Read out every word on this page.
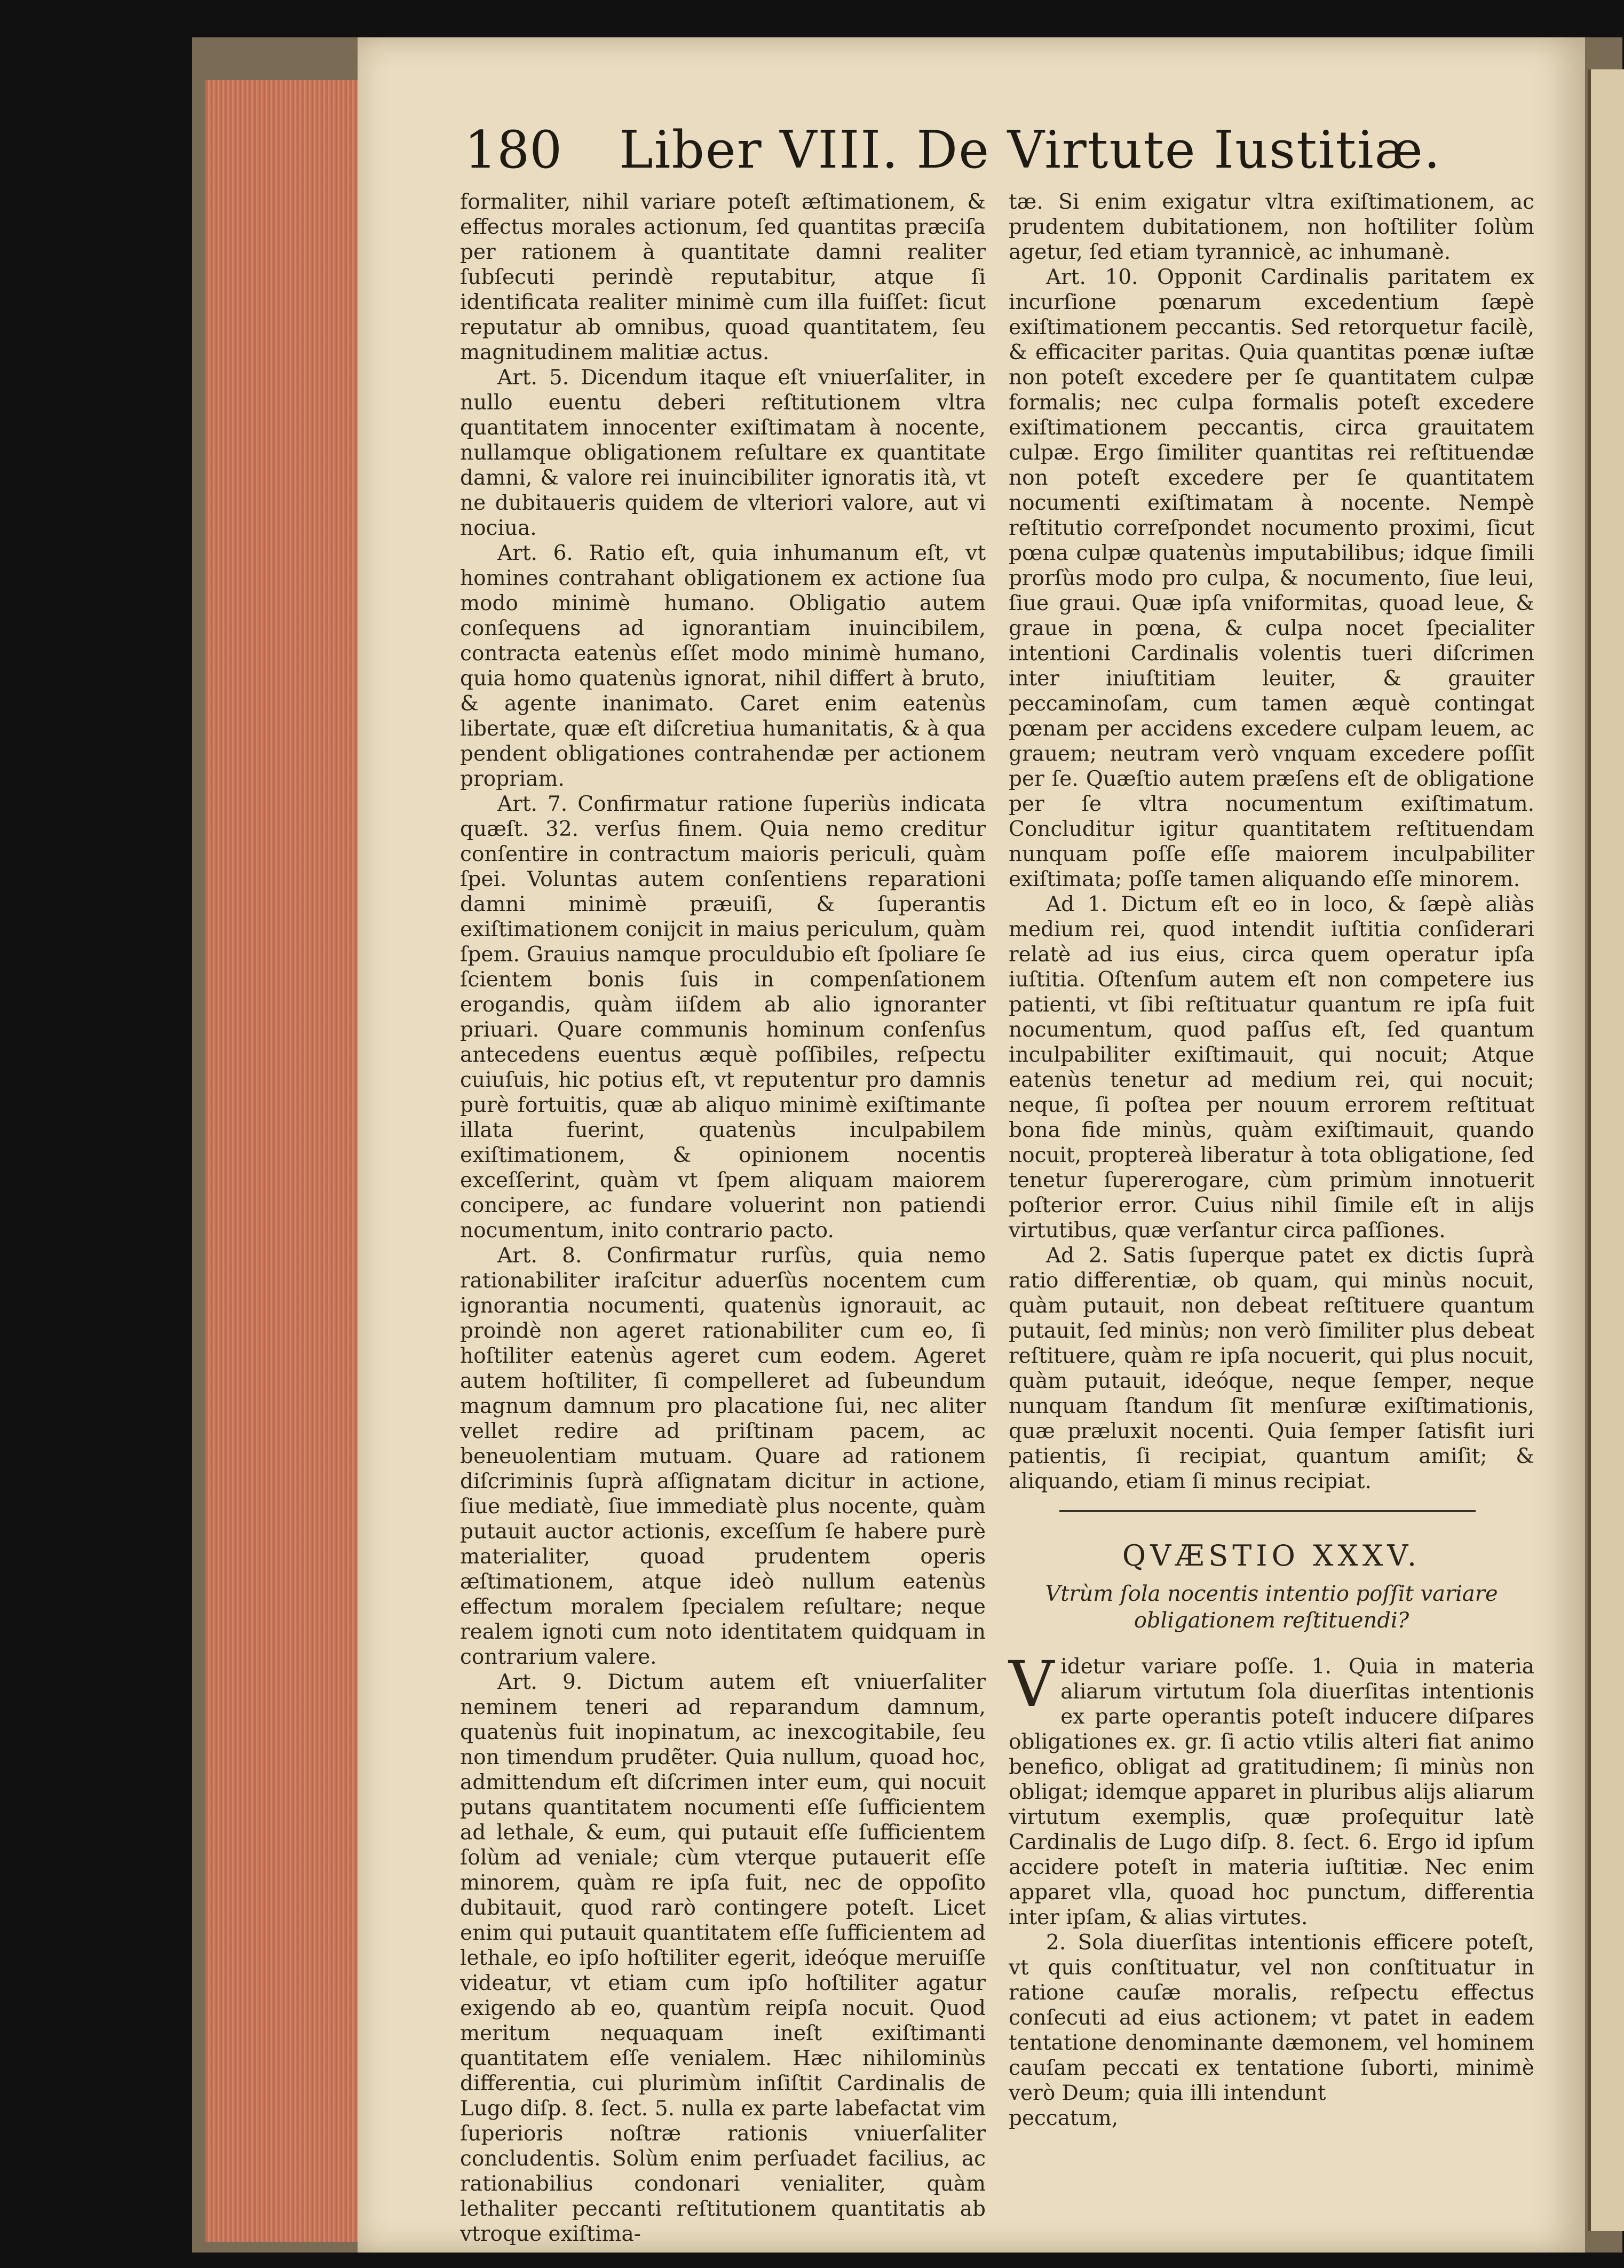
180 Liber VIII. De Virtute Iustitiæ.

formaliter, nihil variare poteſt æſtimationem, & effectus morales actionum, ſed quantitas præciſa per rationem à quantitate damni realiter ſubſecuti perindè reputabitur, atque ſi identificata realiter minimè cum illa fuiſſet: ſicut reputatur ab omnibus, quoad quantitatem, ſeu magnitudinem malitiæ actus.

Art. 5. Dicendum itaque eſt vniuerſaliter, in nullo euentu deberi reſtitutionem vltra quantitatem innocenter exiſtimatam à nocente, nullamque obligationem reſultare ex quantitate damni, & valore rei inuincibiliter ignoratis ità, vt ne dubitaueris quidem de vlteriori valore, aut vi nociua.

Art. 6. Ratio eſt, quia inhumanum eſt, vt homines contrahant obligationem ex actione ſua modo minimè humano. Obligatio autem conſequens ad ignorantiam inuincibilem, contracta eatenùs eſſet modo minimè humano, quia homo quatenùs ignorat, nihil differt à bruto, & agente inanimato. Caret enim eatenùs libertate, quæ eſt diſcretiua humanitatis, & à qua pendent obligationes contrahendæ per actionem propriam.

Art. 7. Confirmatur ratione ſuperiùs indicata quæſt. 32. verſus finem. Quia nemo creditur conſentire in contractum maioris periculi, quàm ſpei. Voluntas autem conſentiens reparationi damni minimè præuiſi, & ſuperantis exiſtimationem conijcit in maius periculum, quàm ſpem. Grauius namque proculdubio eſt ſpoliare ſe ſcientem bonis ſuis in compenſationem erogandis, quàm iiſdem ab alio ignoranter priuari. Quare communis hominum conſenſus antecedens euentus æquè poſſibiles, reſpectu cuiuſuis, hic potius eſt, vt reputentur pro damnis purè fortuitis, quæ ab aliquo minimè exiſtimante illata fuerint, quatenùs inculpabilem exiſtimationem, & opinionem nocentis exceſſerint, quàm vt ſpem aliquam maiorem concipere, ac fundare voluerint non patiendi nocumentum, inito contrario pacto.

Art. 8. Confirmatur rurſùs, quia nemo rationabiliter iraſcitur aduerſùs nocentem cum ignorantia nocumenti, quatenùs ignorauit, ac proindè non ageret rationabiliter cum eo, ſi hoſtiliter eatenùs ageret cum eodem. Ageret autem hoſtiliter, ſi compelleret ad ſubeundum magnum damnum pro placatione ſui, nec aliter vellet redire ad priſtinam pacem, ac beneuolentiam mutuam. Quare ad rationem diſcriminis ſuprà aſſignatam dicitur in actione, ſiue mediatè, ſiue immediatè plus nocente, quàm putauit auctor actionis, exceſſum ſe habere purè materialiter, quoad prudentem operis æſtimationem, atque ideò nullum eatenùs effectum moralem ſpecialem reſultare; neque realem ignoti cum noto identitatem quidquam in contrarium valere.

Art. 9. Dictum autem eſt vniuerſaliter neminem teneri ad reparandum damnum, quatenùs fuit inopinatum, ac inexcogitabile, ſeu non timendum prudẽter. Quia nullum, quoad hoc, admittendum eſt diſcrimen inter eum, qui nocuit putans quantitatem nocumenti eſſe ſufficientem ad lethale, & eum, qui putauit eſſe ſufficientem ſolùm ad veniale; cùm vterque putauerit eſſe minorem, quàm re ipſa fuit, nec de oppoſito dubitauit, quod rarò contingere poteſt. Licet enim qui putauit quantitatem eſſe ſufficientem ad lethale, eo ipſo hoſtiliter egerit, ideóque meruiſſe videatur, vt etiam cum ipſo hoſtiliter agatur exigendo ab eo, quantùm reipſa nocuit. Quod meritum nequaquam ineſt exiſtimanti quantitatem eſſe venialem. Hæc nihilominùs differentia, cui plurimùm inſiſtit Cardinalis de Lugo diſp. 8. ſect. 5. nulla ex parte labefactat vim ſuperioris noſtræ rationis vniuerſaliter concludentis. Solùm enim perſuadet facilius, ac rationabilius condonari venialiter, quàm lethaliter peccanti reſtitutionem quantitatis ab vtroque exiſtima-

tæ. Si enim exigatur vltra exiſtimationem, ac prudentem dubitationem, non hoſtiliter ſolùm agetur, ſed etiam tyrannicè, ac inhumanè.

Art. 10. Opponit Cardinalis paritatem ex incurſione pœnarum excedentium ſæpè exiſtimationem peccantis. Sed retorquetur facilè, & efficaciter paritas. Quia quantitas pœnæ iuſtæ non poteſt excedere per ſe quantitatem culpæ formalis; nec culpa formalis poteſt excedere exiſtimationem peccantis, circa grauitatem culpæ. Ergo ſimiliter quantitas rei reſtituendæ non poteſt excedere per ſe quantitatem nocumenti exiſtimatam à nocente. Nempè reſtitutio correſpondet nocumento proximi, ſicut pœna culpæ quatenùs imputabilibus; idque ſimili prorſùs modo pro culpa, & nocumento, ſiue leui, ſiue graui. Quæ ipſa vniformitas, quoad leue, & graue in pœna, & culpa nocet ſpecialiter intentioni Cardinalis volentis tueri diſcrimen inter iniuſtitiam leuiter, & grauiter peccaminoſam, cum tamen æquè contingat pœnam per accidens excedere culpam leuem, ac grauem; neutram verò vnquam excedere poſſit per ſe. Quæſtio autem præſens eſt de obligatione per ſe vltra nocumentum exiſtimatum. Concluditur igitur quantitatem reſtituendam nunquam poſſe eſſe maiorem inculpabiliter exiſtimata; poſſe tamen aliquando eſſe minorem.

Ad 1. Dictum eſt eo in loco, & ſæpè aliàs medium rei, quod intendit iuſtitia conſiderari relatè ad ius eius, circa quem operatur ipſa iuſtitia. Oſtenſum autem eſt non competere ius patienti, vt ſibi reſtituatur quantum re ipſa fuit nocumentum, quod paſſus eſt, ſed quantum inculpabiliter exiſtimauit, qui nocuit; Atque eatenùs tenetur ad medium rei, qui nocuit; neque, ſi poſtea per nouum errorem reſtituat bona fide minùs, quàm exiſtimauit, quando nocuit, proptereà liberatur à tota obligatione, ſed tenetur ſupererogare, cùm primùm innotuerit poſterior error. Cuius nihil ſimile eſt in alijs virtutibus, quæ verſantur circa paſſiones.

Ad 2. Satis ſuperque patet ex dictis ſuprà ratio differentiæ, ob quam, qui minùs nocuit, quàm putauit, non debeat reſtituere quantum putauit, ſed minùs; non verò ſimiliter plus debeat reſtituere, quàm re ipſa nocuerit, qui plus nocuit, quàm putauit, ideóque, neque ſemper, neque nunquam ſtandum ſit menſuræ exiſtimationis, quæ præluxit nocenti. Quia ſemper ſatisfit iuri patientis, ſi recipiat, quantum amiſit; & aliquando, etiam ſi minus recipiat.

QVÆSTIO XXXV.
Vtrùm ſola nocentis intentio poſſit variare obligationem reſtituendi?

Videtur variare poſſe. 1. Quia in materia aliarum virtutum ſola diuerſitas intentionis ex parte operantis poteſt inducere diſpares obligationes ex. gr. ſi actio vtilis alteri fiat animo benefico, obligat ad gratitudinem; ſi minùs non obligat; idemque apparet in pluribus alijs aliarum virtutum exemplis, quæ proſequitur latè Cardinalis de Lugo diſp. 8. ſect. 6. Ergo id ipſum accidere poteſt in materia iuſtitiæ. Nec enim apparet vlla, quoad hoc punctum, differentia inter ipſam, & alias virtutes.

2. Sola diuerſitas intentionis efficere poteſt, vt quis conſtituatur, vel non conſtituatur in ratione cauſæ moralis, reſpectu effectus conſecuti ad eius actionem; vt patet in eadem tentatione denominante dæmonem, vel hominem cauſam peccati ex tentatione ſuborti, minimè verò Deum; quia illi intendunt

peccatum,
